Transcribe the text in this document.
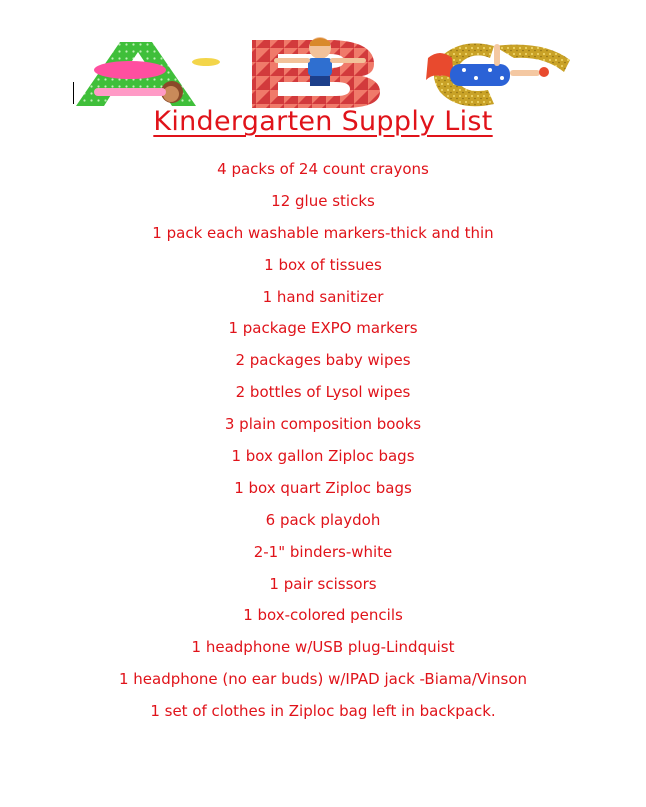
Kindergarten Supply List
4 packs of 24 count crayons
12 glue sticks
1 pack each washable markers-thick and thin
1 box of tissues
1 hand sanitizer
1 package EXPO markers
2 packages baby wipes
2 bottles of Lysol wipes
3 plain composition books
1 box gallon Ziploc bags
1 box quart Ziploc bags
6 pack playdoh
2-1" binders-white
1 pair scissors
1 box-colored pencils
1 headphone w/USB plug-Lindquist
1 headphone (no ear buds) w/IPAD jack -Biama/Vinson
1 set of clothes in Ziploc bag left in backpack.
